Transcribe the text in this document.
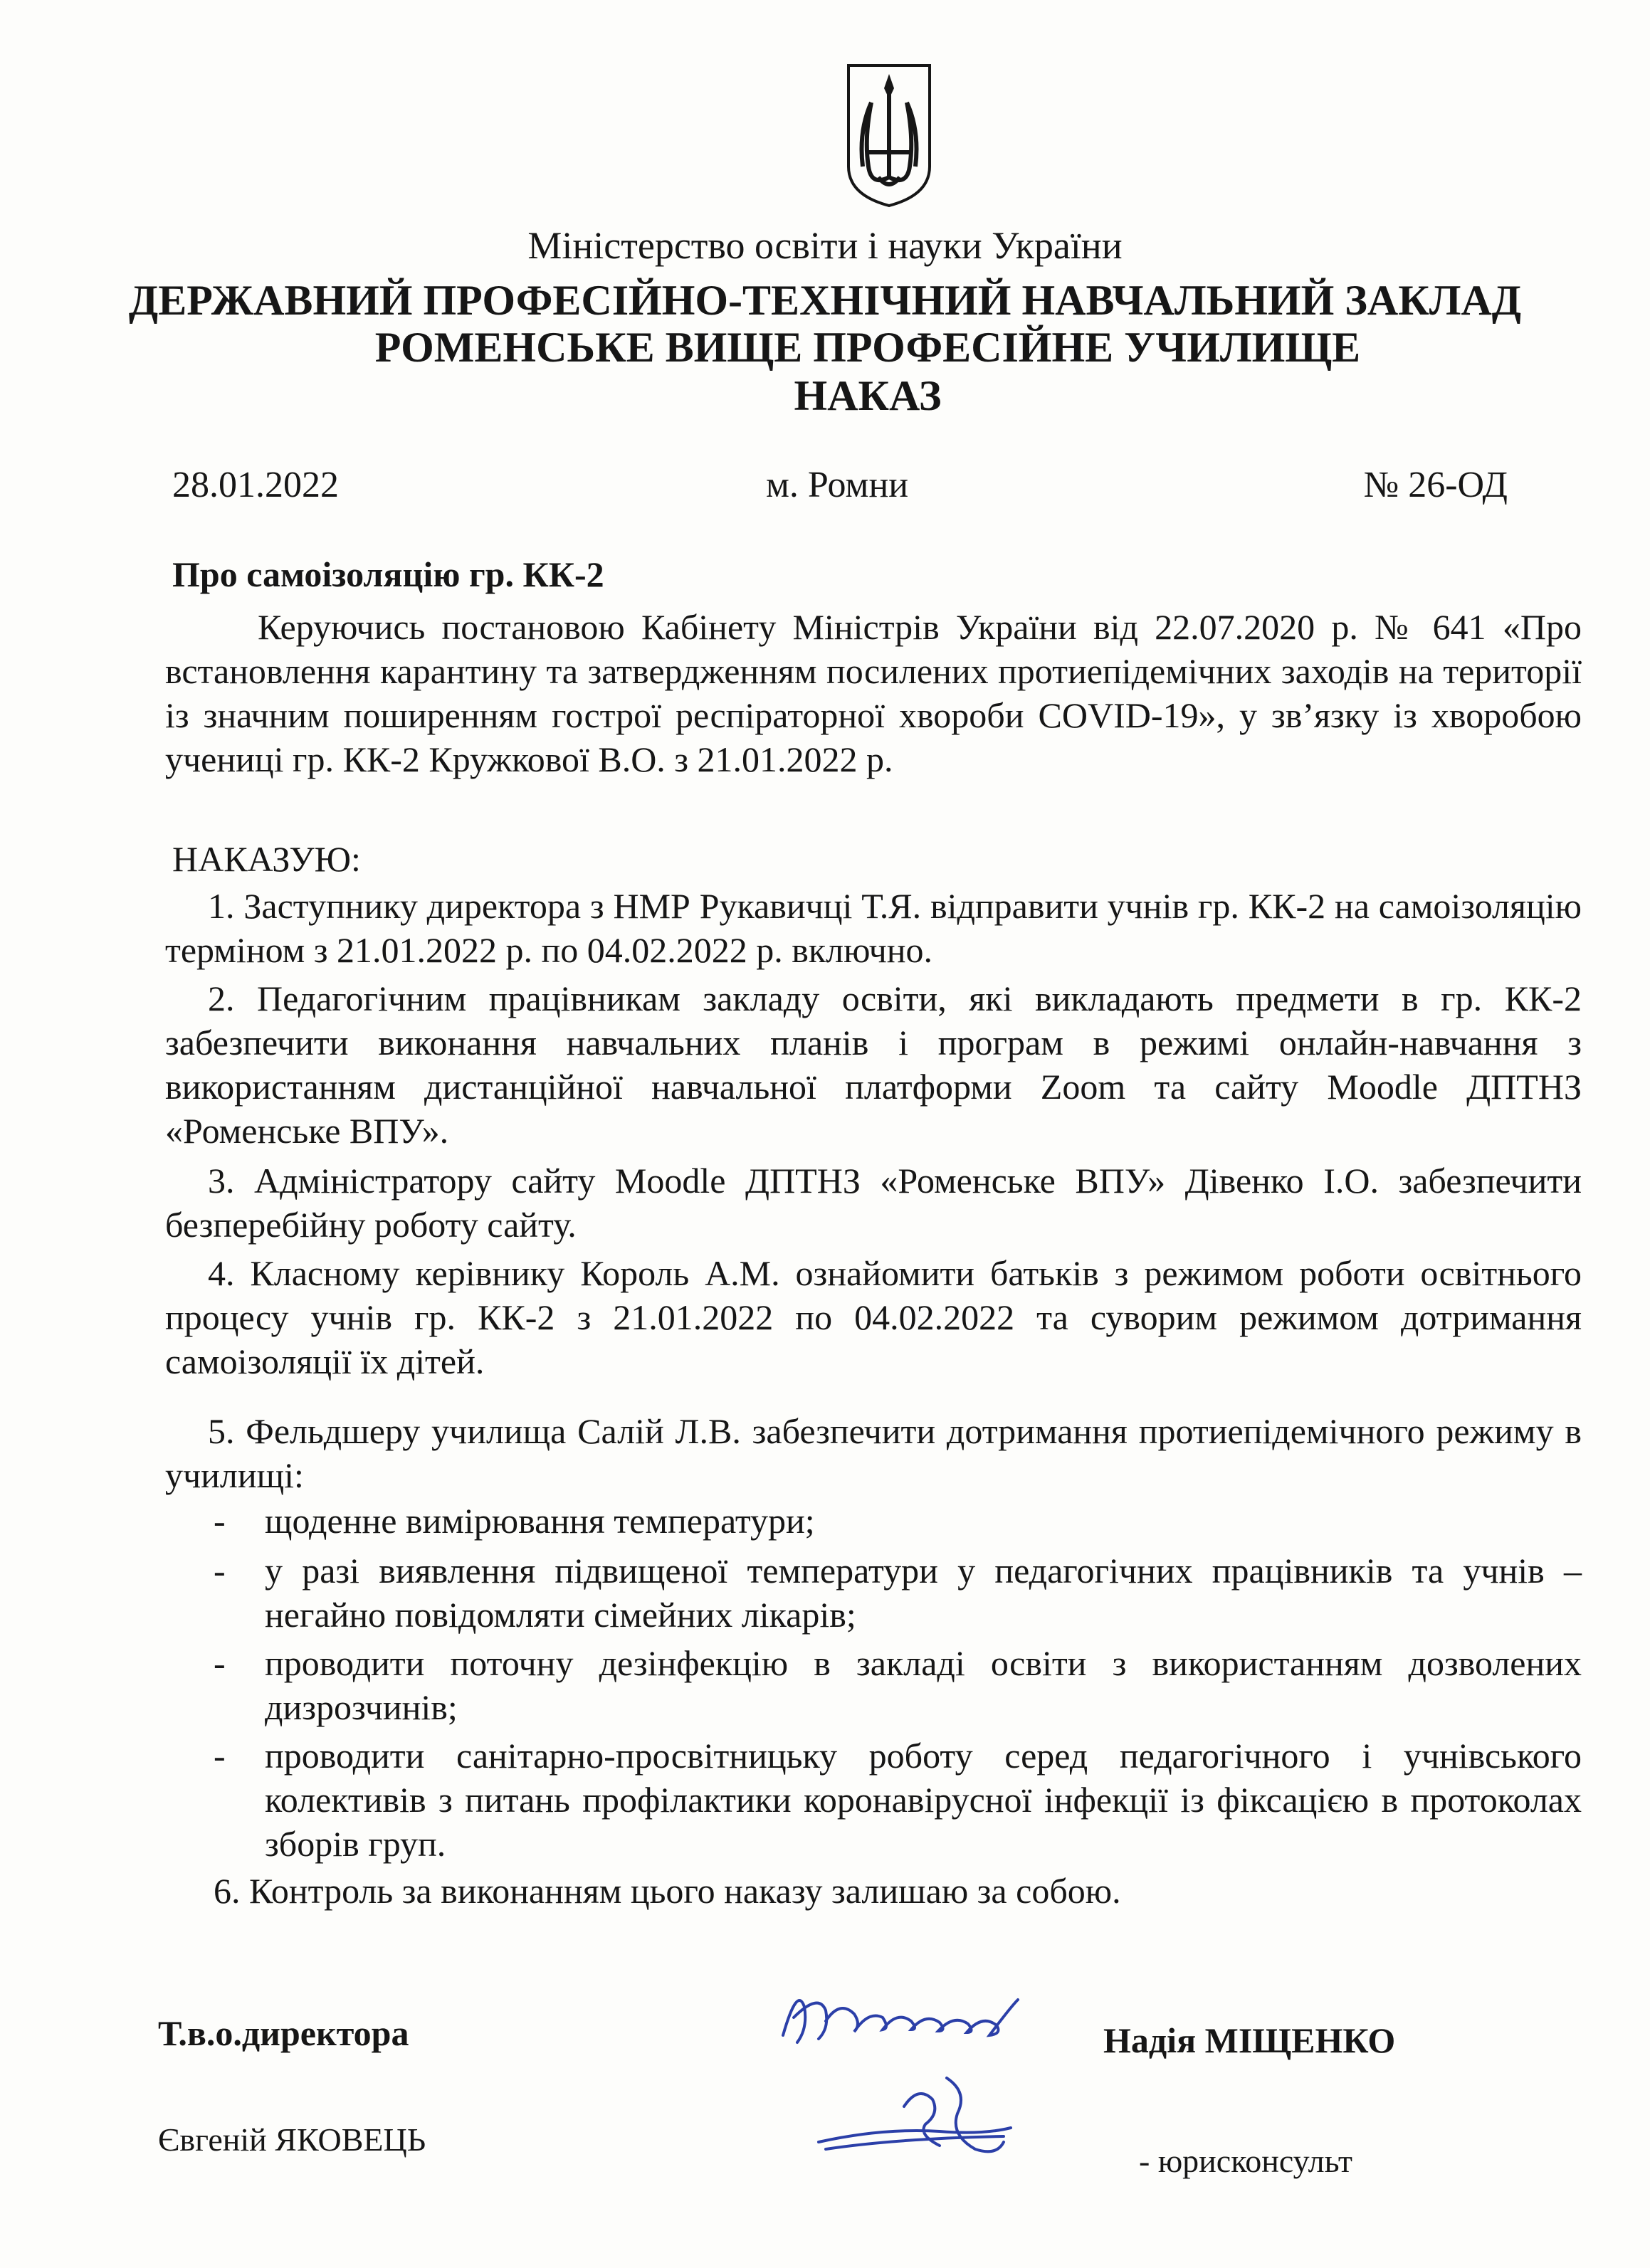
Міністерство освіти і науки України
ДЕРЖАВНИЙ ПРОФЕСІЙНО-ТЕХНІЧНИЙ НАВЧАЛЬНИЙ ЗАКЛАД
РОМЕНСЬКЕ ВИЩЕ ПРОФЕСІЙНЕ УЧИЛИЩЕ
НАКАЗ
28.01.2022	м. Ромни	№ 26-ОД
Про самоізоляцію гр. КК-2
Керуючись постановою Кабінету Міністрів України від 22.07.2020 р. № 641 «Про встановлення карантину та затвердженням посилених протиепідемічних заходів на території із значним поширенням гострої респіраторної хвороби COVID-19», у зв’язку із хворобою учениці гр. КК-2 Кружкової В.О. з 21.01.2022 р.
НАКАЗУЮ:
1. Заступнику директора з НМР Рукавичці Т.Я. відправити учнів гр. КК-2 на самоізоляцію терміном з 21.01.2022 р. по 04.02.2022 р. включно.
2. Педагогічним працівникам закладу освіти, які викладають предмети в гр. КК-2 забезпечити виконання навчальних планів і програм в режимі онлайн-навчання з використанням дистанційної навчальної платформи Zoom та сайту Moodle ДПТНЗ «Роменське ВПУ».
3. Адміністратору сайту Moodle ДПТНЗ «Роменське ВПУ» Дівенко І.О. забезпечити безперебійну роботу сайту.
4. Класному керівнику Король А.М. ознайомити батьків з режимом роботи освітнього процесу учнів гр. КК-2 з 21.01.2022 по 04.02.2022 та суворим режимом дотримання самоізоляції їх дітей.
5. Фельдшеру училища Салій Л.В. забезпечити дотримання протиепідемічного режиму в училищі:
- щоденне вимірювання температури;
- у разі виявлення підвищеної температури у педагогічних працівників та учнів – негайно повідомляти сімейних лікарів;
- проводити поточну дезінфекцію в закладі освіти з використанням дозволених дизрозчинів;
- проводити санітарно-просвітницьку роботу серед педагогічного і учнівського колективів з питань профілактики коронавірусної інфекції із фіксацією в протоколах зборів груп.
6. Контроль за виконанням цього наказу залишаю за собою.
Т.в.о.директора	Надія МІЩЕНКО
Євгеній ЯКОВЕЦЬ
- юрисконсульт
